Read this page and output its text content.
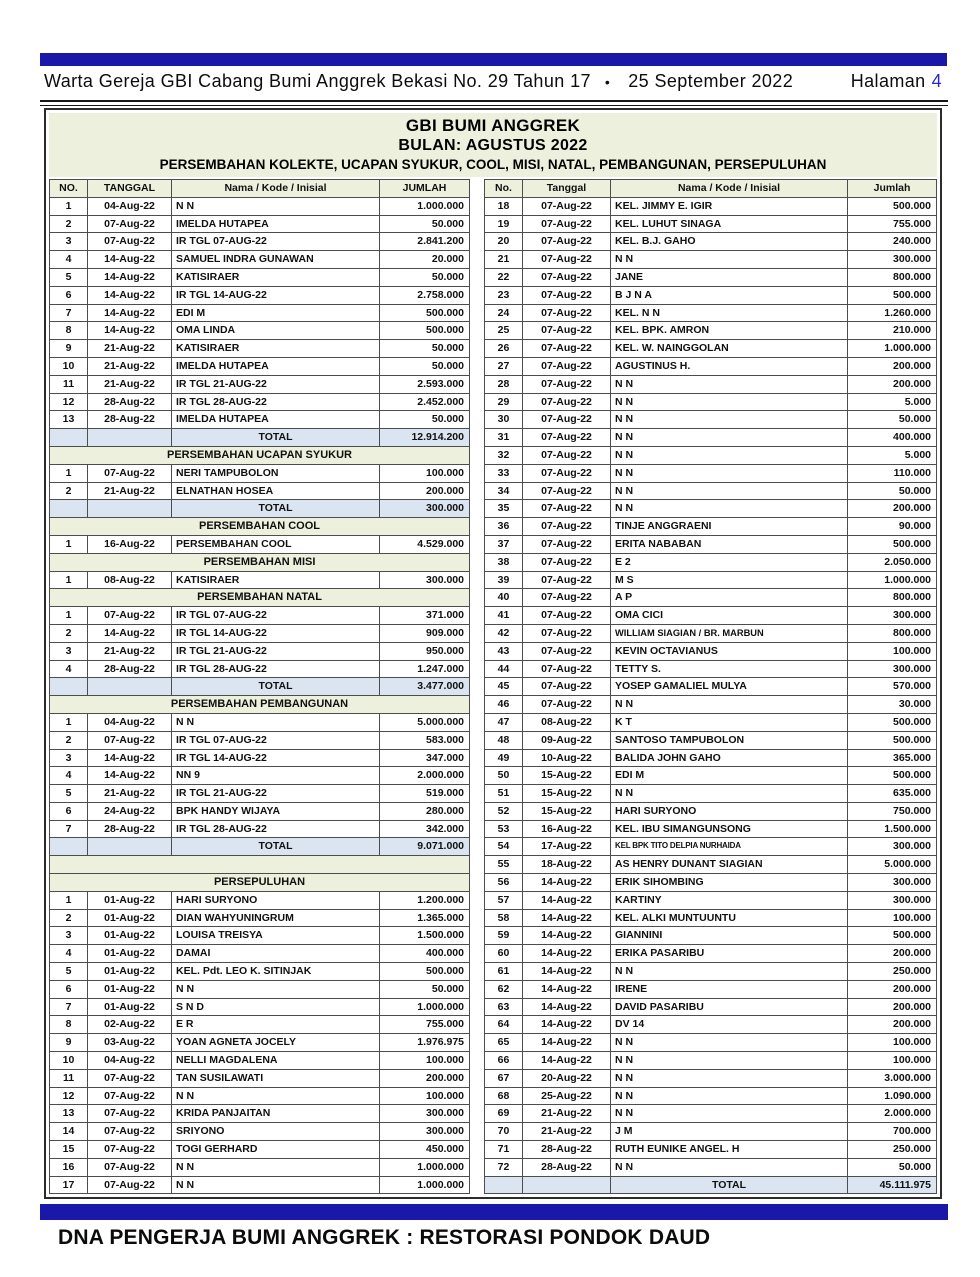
Warta Gereja GBI Cabang Bumi Anggrek Bekasi No. 29 Tahun 17 • 25 September 2022	Halaman 4
GBI BUMI ANGGREK
BULAN: AGUSTUS 2022
PERSEMBAHAN KOLEKTE, UCAPAN SYUKUR, COOL, MISI, NATAL, PEMBANGUNAN, PERSEPULUHAN
NO.	TANGGAL	Nama / Kode / Inisial	JUMLAH
1	04-Aug-22	N N	1.000.000
2	07-Aug-22	IMELDA HUTAPEA	50.000
3	07-Aug-22	IR TGL 07-AUG-22	2.841.200
4	14-Aug-22	SAMUEL INDRA GUNAWAN	20.000
5	14-Aug-22	KATISIRAER	50.000
6	14-Aug-22	IR TGL 14-AUG-22	2.758.000
7	14-Aug-22	EDI M	500.000
8	14-Aug-22	OMA LINDA	500.000
9	21-Aug-22	KATISIRAER	50.000
10	21-Aug-22	IMELDA HUTAPEA	50.000
11	21-Aug-22	IR TGL 21-AUG-22	2.593.000
12	28-Aug-22	IR TGL 28-AUG-22	2.452.000
13	28-Aug-22	IMELDA HUTAPEA	50.000
		TOTAL	12.914.200
PERSEMBAHAN UCAPAN SYUKUR			
1	07-Aug-22	NERI TAMPUBOLON	100.000
2	21-Aug-22	ELNATHAN HOSEA	200.000
		TOTAL	300.000
PERSEMBAHAN COOL			
1	16-Aug-22	PERSEMBAHAN COOL	4.529.000
PERSEMBAHAN MISI			
1	08-Aug-22	KATISIRAER	300.000
PERSEMBAHAN NATAL			
1	07-Aug-22	IR TGL 07-AUG-22	371.000
2	14-Aug-22	IR TGL 14-AUG-22	909.000
3	21-Aug-22	IR TGL 21-AUG-22	950.000
4	28-Aug-22	IR TGL 28-AUG-22	1.247.000
		TOTAL	3.477.000
PERSEMBAHAN PEMBANGUNAN			
1	04-Aug-22	N N	5.000.000
2	07-Aug-22	IR TGL 07-AUG-22	583.000
3	14-Aug-22	IR TGL 14-AUG-22	347.000
4	14-Aug-22	NN 9	2.000.000
5	21-Aug-22	IR TGL 21-AUG-22	519.000
6	24-Aug-22	BPK HANDY WIJAYA	280.000
7	28-Aug-22	IR TGL 28-AUG-22	342.000
		TOTAL	9.071.000

PERSEPULUHAN			
1	01-Aug-22	HARI SURYONO	1.200.000
2	01-Aug-22	DIAN WAHYUNINGRUM	1.365.000
3	01-Aug-22	LOUISA TREISYA	1.500.000
4	01-Aug-22	DAMAI	400.000
5	01-Aug-22	KEL. Pdt. LEO K. SITINJAK	500.000
6	01-Aug-22	N N	50.000
7	01-Aug-22	S N D	1.000.000
8	02-Aug-22	E R	755.000
9	03-Aug-22	YOAN AGNETA JOCELY	1.976.975
10	04-Aug-22	NELLI MAGDALENA	100.000
11	07-Aug-22	TAN SUSILAWATI	200.000
12	07-Aug-22	N N	100.000
13	07-Aug-22	KRIDA PANJAITAN	300.000
14	07-Aug-22	SRIYONO	300.000
15	07-Aug-22	TOGI GERHARD	450.000
16	07-Aug-22	N N	1.000.000
17	07-Aug-22	N N	1.000.000
No.	Tanggal	Nama / Kode / Inisial	Jumlah
18	07-Aug-22	KEL. JIMMY E. IGIR	500.000
19	07-Aug-22	KEL. LUHUT SINAGA	755.000
20	07-Aug-22	KEL. B.J. GAHO	240.000
21	07-Aug-22	N N	300.000
22	07-Aug-22	JANE	800.000
23	07-Aug-22	B J N A	500.000
24	07-Aug-22	KEL. N N	1.260.000
25	07-Aug-22	KEL. BPK. AMRON	210.000
26	07-Aug-22	KEL. W. NAINGGOLAN	1.000.000
27	07-Aug-22	AGUSTINUS H.	200.000
28	07-Aug-22	N N	200.000
29	07-Aug-22	N N	5.000
30	07-Aug-22	N N	50.000
31	07-Aug-22	N N	400.000
32	07-Aug-22	N N	5.000
33	07-Aug-22	N N	110.000
34	07-Aug-22	N N	50.000
35	07-Aug-22	N N	200.000
36	07-Aug-22	TINJE ANGGRAENI	90.000
37	07-Aug-22	ERITA NABABAN	500.000
38	07-Aug-22	E 2	2.050.000
39	07-Aug-22	M S	1.000.000
40	07-Aug-22	A P	800.000
41	07-Aug-22	OMA CICI	300.000
42	07-Aug-22	WILLIAM SIAGIAN / BR. MARBUN	800.000
43	07-Aug-22	KEVIN OCTAVIANUS	100.000
44	07-Aug-22	TETTY S.	300.000
45	07-Aug-22	YOSEP GAMALIEL MULYA	570.000
46	07-Aug-22	N N	30.000
47	08-Aug-22	K T	500.000
48	09-Aug-22	SANTOSO TAMPUBOLON	500.000
49	10-Aug-22	BALIDA JOHN GAHO	365.000
50	15-Aug-22	EDI M	500.000
51	15-Aug-22	N N	635.000
52	15-Aug-22	HARI SURYONO	750.000
53	16-Aug-22	KEL. IBU SIMANGUNSONG	1.500.000
54	17-Aug-22	KEL BPK TITO DELPIA NURHAIDA	300.000
55	18-Aug-22	AS HENRY DUNANT SIAGIAN	5.000.000
56	14-Aug-22	ERIK SIHOMBING	300.000
57	14-Aug-22	KARTINY	300.000
58	14-Aug-22	KEL. ALKI MUNTUUNTU	100.000
59	14-Aug-22	GIANNINI	500.000
60	14-Aug-22	ERIKA PASARIBU	200.000
61	14-Aug-22	N N	250.000
62	14-Aug-22	IRENE	200.000
63	14-Aug-22	DAVID PASARIBU	200.000
64	14-Aug-22	DV 14	200.000
65	14-Aug-22	N N	100.000
66	14-Aug-22	N N	100.000
67	20-Aug-22	N N	3.000.000
68	25-Aug-22	N N	1.090.000
69	21-Aug-22	N N	2.000.000
70	21-Aug-22	J M	700.000
71	28-Aug-22	RUTH EUNIKE ANGEL. H	250.000
72	28-Aug-22	N N	50.000
		TOTAL	45.111.975
DNA PENGERJA BUMI ANGGREK : RESTORASI PONDOK DAUD
